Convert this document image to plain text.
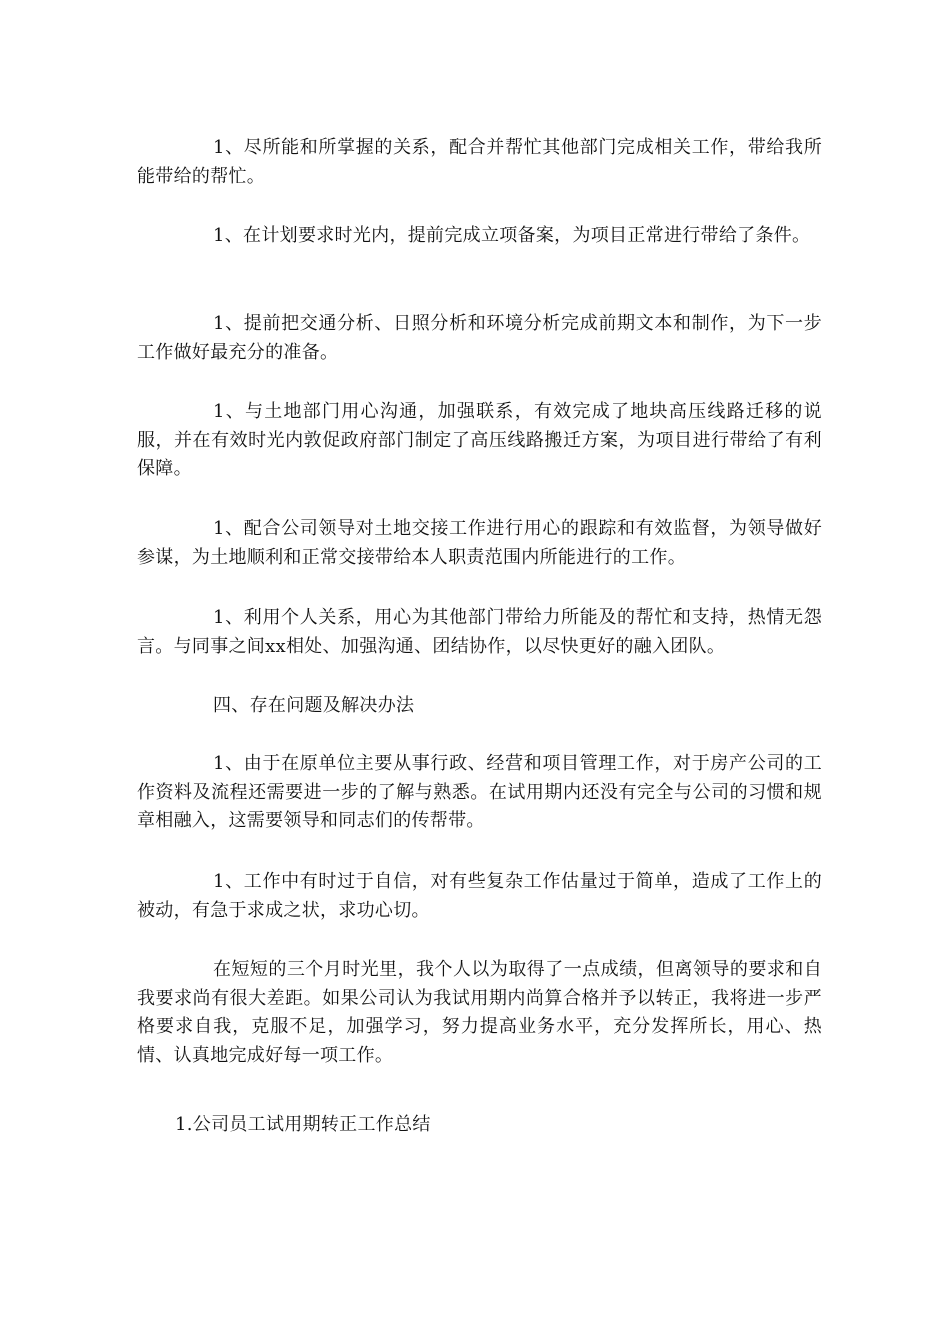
1、尽所能和所掌握的关系，配合并帮忙其他部门完成相关工作，带给我所能带给的帮忙。

1、在计划要求时光内，提前完成立项备案，为项目正常进行带给了条件。

1、提前把交通分析、日照分析和环境分析完成前期文本和制作，为下一步工作做好最充分的准备。

1、与土地部门用心沟通，加强联系，有效完成了地块高压线路迁移的说服，并在有效时光内敦促政府部门制定了高压线路搬迁方案，为项目进行带给了有利保障。

1、配合公司领导对土地交接工作进行用心的跟踪和有效监督，为领导做好参谋，为土地顺利和正常交接带给本人职责范围内所能进行的工作。

1、利用个人关系，用心为其他部门带给力所能及的帮忙和支持，热情无怨言。与同事之间xx相处、加强沟通、团结协作，以尽快更好的融入团队。

四、存在问题及解决办法

1、由于在原单位主要从事行政、经营和项目管理工作，对于房产公司的工作资料及流程还需要进一步的了解与熟悉。在试用期内还没有完全与公司的习惯和规章相融入，这需要领导和同志们的传帮带。

1、工作中有时过于自信，对有些复杂工作估量过于简单，造成了工作上的被动，有急于求成之状，求功心切。

在短短的三个月时光里，我个人以为取得了一点成绩，但离领导的要求和自我要求尚有很大差距。如果公司认为我试用期内尚算合格并予以转正，我将进一步严格要求自我，克服不足，加强学习，努力提高业务水平，充分发挥所长，用心、热情、认真地完成好每一项工作。

1.公司员工试用期转正工作总结
